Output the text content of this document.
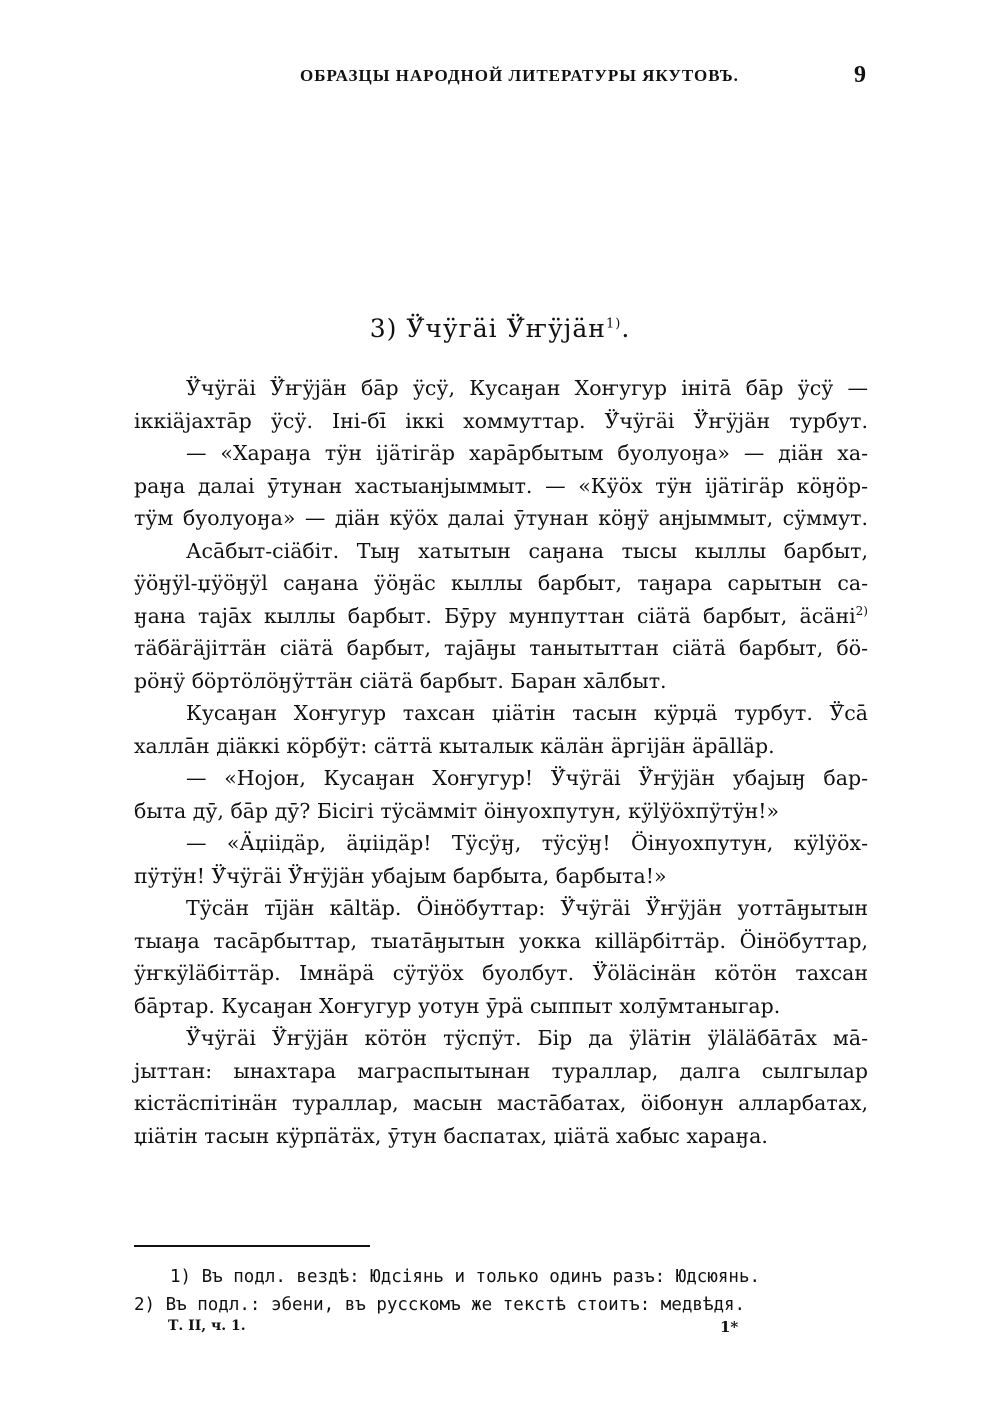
ОБРАЗЦЫ НАРОДНОЙ ЛИТЕРАТУРЫ ЯКУТОВЪ.	9
3) Ӱ́чӱгӓі Ӱ́ҥӱјӓн$^{1)}$.
Ӱ́чӱгӓі Ӱ́ҥӱјӓн бāр ӱсӱ, Кусаӈан Хоҥугур ініта̄ бāр ӱсӱ —
іккіӓјахтāр ӱсӱ. Іні-бī іккі хоммуттар. Ӱ́чӱгӓі Ӱ́ҥӱјӓн турбут.
— «Хараӈа тӱн іјӓтігӓр харāрбытым буолуоӈа» — діӓн ха-
раӈа далаі ӯтунан хастыанјыммыт. — «Кӱӧх тӱн іјӓтігӓр кӧӈӧр-
тӱм буолуоӈа» — діӓн кӱӧх далаі ӯтунан кӧӈӱ анјыммыт, сӱммут.
Асāбыт-сіӓбіт. Тыӈ хатытын саӈана тысы кыллы барбыт,
ӱӧӈӱl-џӱӧӈӱl саӈана ӱӧӈӓс кыллы барбыт, таӈара сарытын са-
ӈана таја̄х кыллы барбыт. Бӯру мунпуттан сіӓтӓ барбыт, ӓсӓні$^{2)}$
тӓбӓгӓјіттӓн сіӓтӓ барбыт, таја̄ӈы танытыттан сіӓтӓ барбыт, бӧ-
рӧнӱ бӧртӧлӧӈӱттӓн сіӓтӓ барбыт. Баран хāлбыт.
Кусаӈан Хоҥугур тахсан џіӓтін тасын кӱрџӓ турбут. Ӱ̄сā
халлāн діӓккі кӧрбӱт: сӓттӓ кыталык кӓлӓн ӓргіјӓн ӓрāllӓр.
— «Ноjон, Кусаӈан Хоҥугур! Ӱ́чӱгӓі Ӱ́ҥӱјӓн убајыӈ бар-
быта дӯ, бāр дӯ? Бісігі тӱсӓмміт ӧінуохпутун, кӱlӱӧхпӱтӱн!»
— «Ӓџіідӓр, ӓџіідӓр! Тӱсӱӈ, тӱсӱӈ! Ӧінуохпутун, кӱlӱӧх-
пӱтӱн! Ӱ́чӱгӓі Ӱ́ҥӱјӓн убајым барбыта, барбыта!»
Тӱсӓн тīјӓн кāltӓр. Ӧінӧбуттар: Ӱ́чӱгӓі Ӱ́ҥӱјӓн уотта̄ӈытын
тыаӈа тасāрбыттар, тыата̄ӈытын уокка кіllӓрбіттӓр. Ӧінӧбуттар,
ӱҥкӱlӓбіттӓр. Імнӓрӓ сӱтӱӧх буолбут. Ӱ́ӧlӓсінӓн кӧтӧн тахсан
бāртар. Кусаӈан Хоҥугур уотун ӯрӓ сыппыт холӯмтаныгар.
Ӱ́чӱгӓі Ӱ́ҥӱјӓн кӧтӧн тӱспӱт. Бір да ӱlӓтін ӱlӓlӓбāтāх мā-
јыттан: ынахтара маграспытынан тураллар, далга сылгылар
кістӓспітінӓн тураллар, масын мастāбатах, ӧібонун алларбатах,
џіӓтін тасын кӱрпӓтӓх, ӯтун баспатах, џіӓтӓ хабыс хараӈа.
1) Въ подл. вездѣ: Юдсіянь и только одинъ разъ: Юдсюянь.
2) Въ подл.: эбени, въ русскомъ же текстѣ стоитъ: медвѣдя.
Т. II, ч. 1.	1*
